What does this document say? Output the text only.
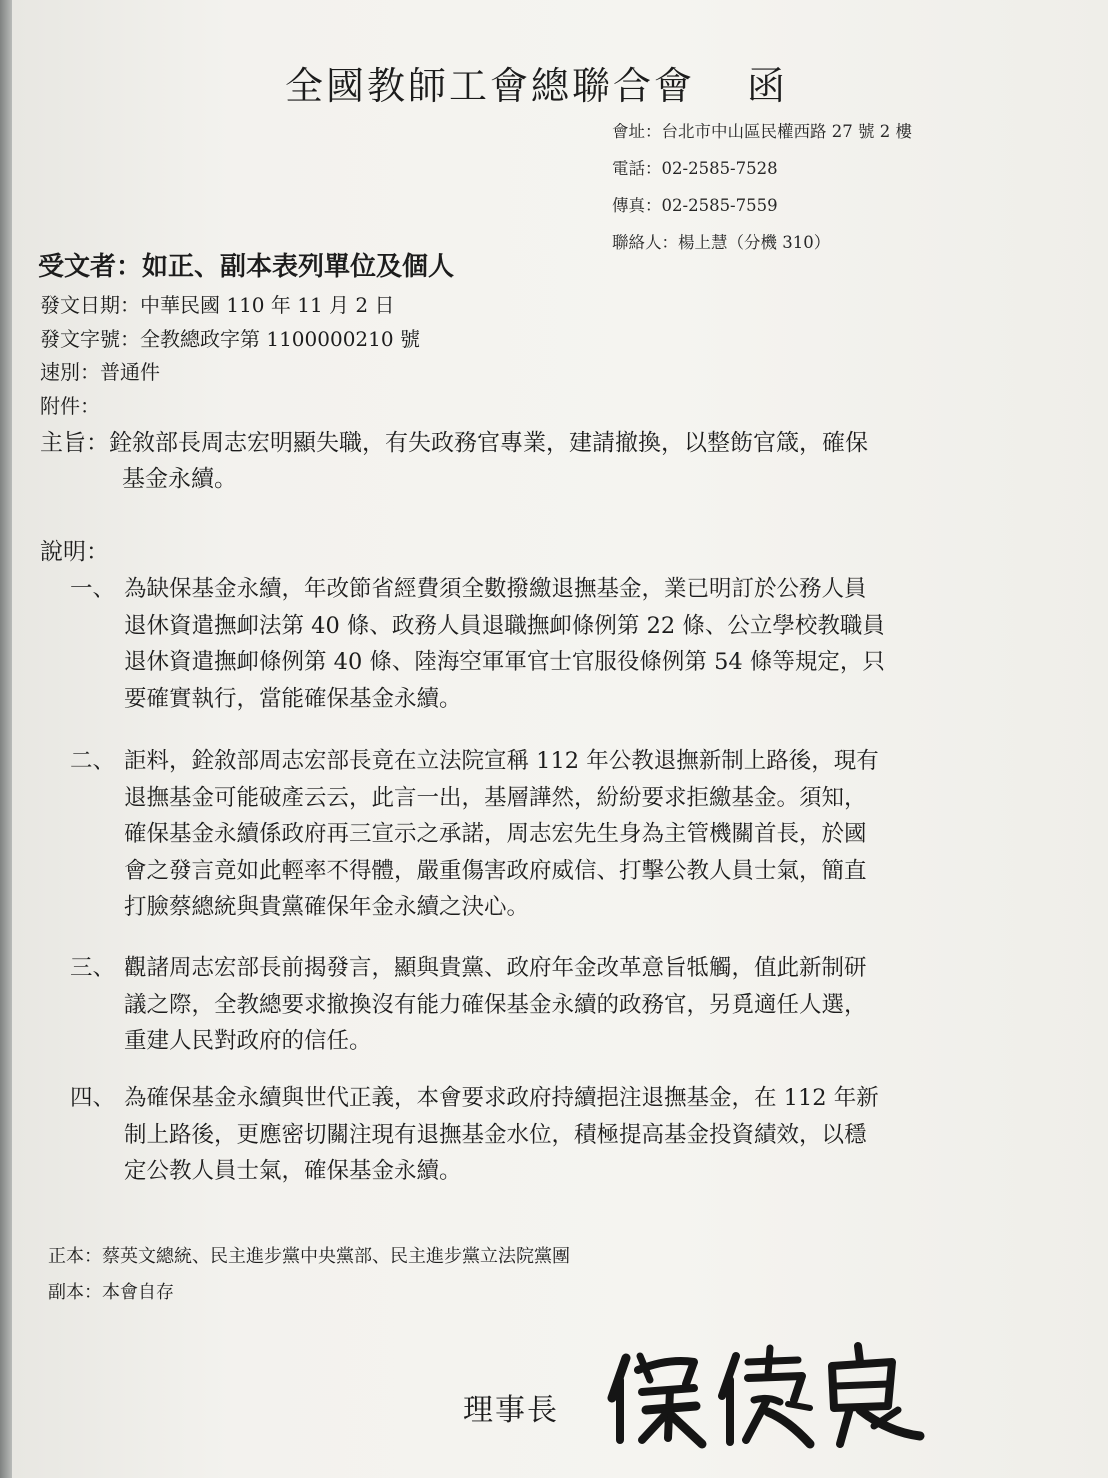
全國教師工會總聯合會 函
會址：台北市中山區民權西路 27 號 2 樓
電話：02-2585-7528
傳真：02-2585-7559
聯絡人：楊上慧（分機 310）
受文者：如正、副本表列單位及個人
發文日期：中華民國 110 年 11 月 2 日
發文字號：全教總政字第 1100000210 號
速別：普通件
附件：
主旨：銓敘部長周志宏明顯失職，有失政務官專業，建請撤換，以整飭官箴，確保
基金永續。
說明：
一、 為缺保基金永續，年改節省經費須全數撥繳退撫基金，業已明訂於公務人員
退休資遣撫卹法第 40 條、政務人員退職撫卹條例第 22 條、公立學校教職員
退休資遣撫卹條例第 40 條、陸海空軍軍官士官服役條例第 54 條等規定，只
要確實執行，當能確保基金永續。
二、 詎料，銓敘部周志宏部長竟在立法院宣稱 112 年公教退撫新制上路後，現有
退撫基金可能破產云云，此言一出，基層譁然，紛紛要求拒繳基金。須知，
確保基金永續係政府再三宣示之承諾，周志宏先生身為主管機關首長，於國
會之發言竟如此輕率不得體，嚴重傷害政府威信、打擊公教人員士氣，簡直
打臉蔡總統與貴黨確保年金永續之決心。
三、 觀諸周志宏部長前揭發言，顯與貴黨、政府年金改革意旨牴觸，值此新制研
議之際，全教總要求撤換沒有能力確保基金永續的政務官，另覓適任人選，
重建人民對政府的信任。
四、 為確保基金永續與世代正義，本會要求政府持續挹注退撫基金，在 112 年新
制上路後，更應密切關注現有退撫基金水位，積極提高基金投資績效，以穩
定公教人員士氣，確保基金永續。
正本：蔡英文總統、民主進步黨中央黨部、民主進步黨立法院黨團
副本：本會自存
理事長
